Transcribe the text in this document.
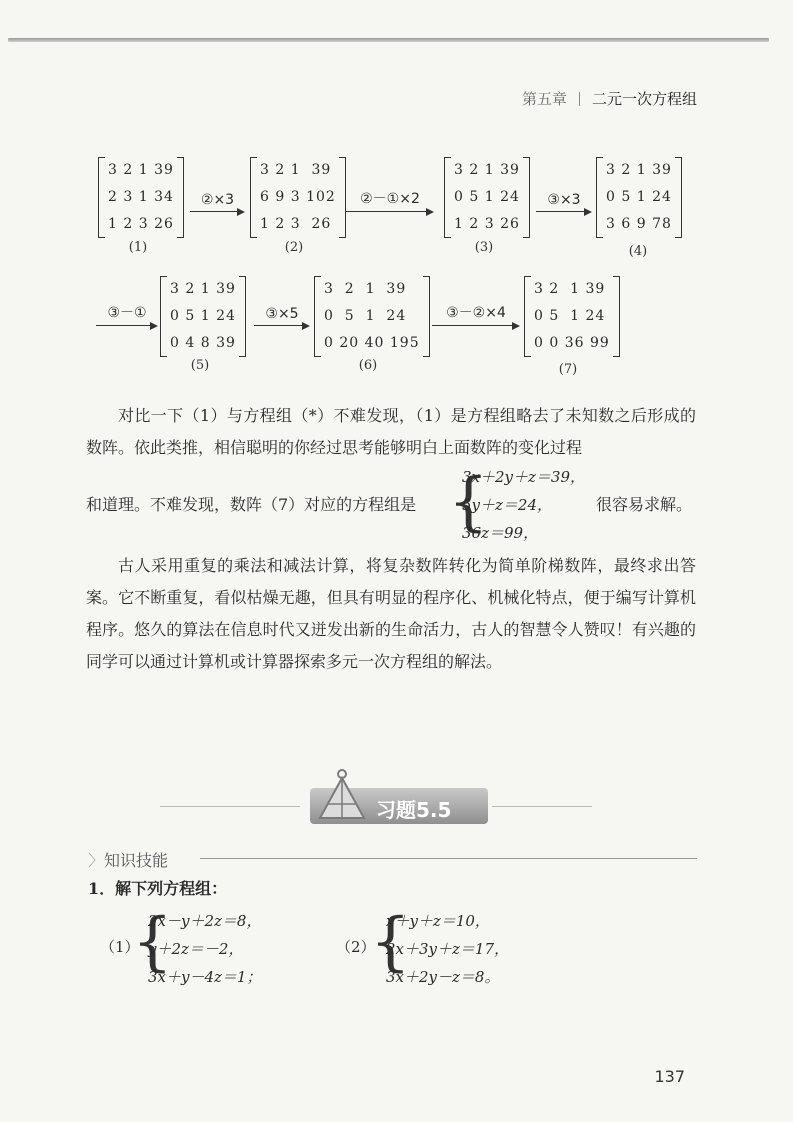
第五章 二元一次方程组
3 2 1 39
2 3 1 34
1 2 3 26
(1)
②×3
3 2 1  39
6 9 3 102
1 2 3  26
(2)
②－①×2
3 2 1 39
0 5 1 24
1 2 3 26
(3)
③×3
3 2 1 39
0 5 1 24
3 6 9 78
(4)
③－①
3 2 1 39
0 5 1 24
0 4 8 39
(5)
③×5
3  2  1  39
0  5  1  24
0 20 40 195
(6)
③－②×4
3 2  1 39
0 5  1 24
0 0 36 99
(7)
对比一下（1）与方程组（*）不难发现，（1）是方程组略去了未知数之后形成的数阵。依此类推，相信聪明的你经过思考能够明白上面数阵的变化过程
和道理。不难发现，数阵（7）对应的方程组是 {
3x＋2y＋z＝39，
5y＋z＝24，
36z＝99，
很容易求解。
古人采用重复的乘法和减法计算，将复杂数阵转化为简单阶梯数阵，最终求出答案。它不断重复，看似枯燥无趣，但具有明显的程序化、机械化特点，便于编写计算机程序。悠久的算法在信息时代又迸发出新的生命活力，古人的智慧令人赞叹！有兴趣的同学可以通过计算机或计算器探索多元一次方程组的解法。
习题5.5
〉知识技能
1．解下列方程组：
（1）
{
2x－y＋2z＝8，
y＋2z＝－2，
3x＋y－4z＝1；
（2）
{
x＋y＋z＝10，
2x＋3y＋z＝17，
3x＋2y－z＝8。
137
